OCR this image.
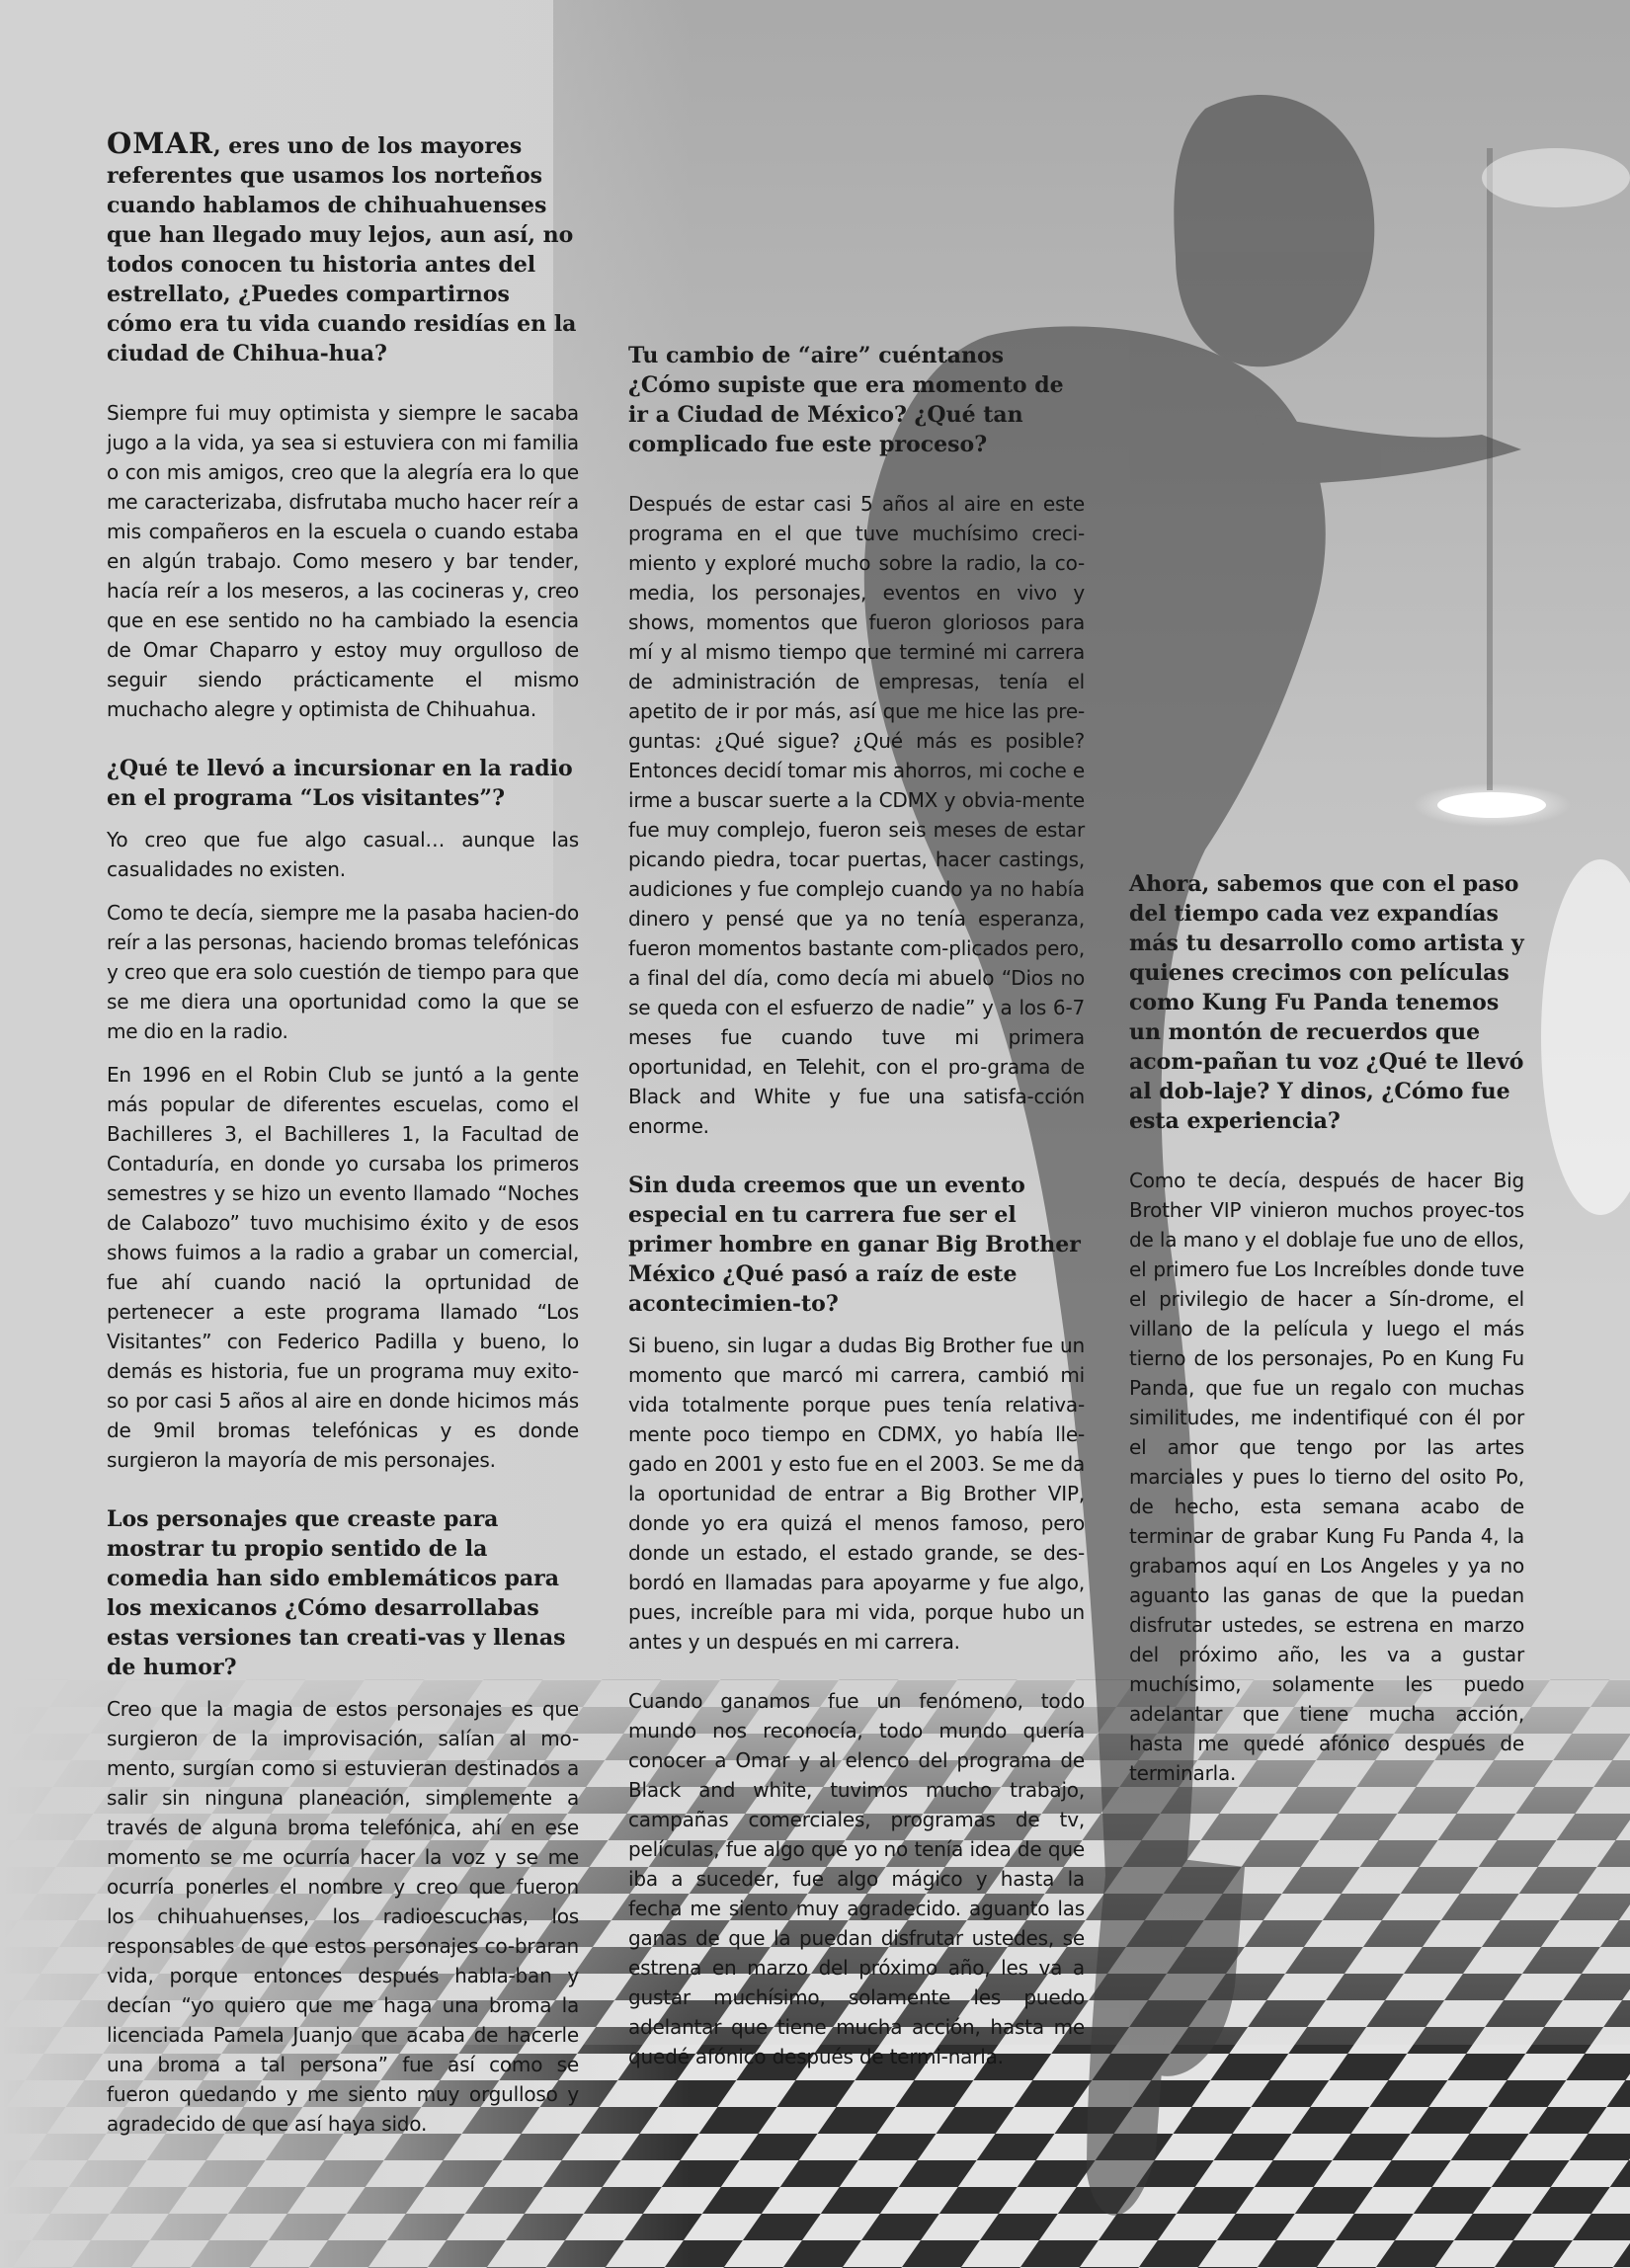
OMAR, eres uno de los mayores referentes que usamos los norteños cuando hablamos de chihuahuenses que han llegado muy lejos, aun así, no todos conocen tu historia antes del estrellato, ¿Puedes compartirnos cómo era tu vida cuando residías en la ciudad de Chihua-hua?

Siempre fui muy optimista y siempre le sacaba jugo a la vida, ya sea si estuviera con mi familia o con mis amigos, creo que la alegría era lo que me caracterizaba, disfrutaba mucho hacer reír a mis compañeros en la escuela o cuando estaba en algún trabajo. Como mesero y bar tender, hacía reír a los meseros, a las cocineras y, creo que en ese sentido no ha cambiado la esencia de Omar Chaparro y estoy muy orgulloso de seguir siendo prácticamente el mismo muchacho alegre y optimista de Chihuahua.

¿Qué te llevó a incursionar en la radio en el programa “Los visitantes”?

Yo creo que fue algo casual… aunque las casualidades no existen.

Como te decía, siempre me la pasaba hacien-do reír a las personas, haciendo bromas telefónicas y creo que era solo cuestión de tiempo para que se me diera una oportunidad como la que se me dio en la radio.

En 1996 en el Robin Club se juntó a la gente más popular de diferentes escuelas, como el Bachilleres 3, el Bachilleres 1, la Facultad de Contaduría, en donde yo cursaba los primeros semestres y se hizo un evento llamado “Noches de Calabozo” tuvo muchisimo éxito y de esos shows fuimos a la radio a grabar un comercial, fue ahí cuando nació la oprtunidad de pertenecer a este programa llamado “Los Visitantes” con Federico Padilla y bueno, lo demás es historia, fue un programa muy exito-so por casi 5 años al aire en donde hicimos más de 9mil bromas telefónicas y es donde surgieron la mayoría de mis personajes.

Los personajes que creaste para mostrar tu propio sentido de la comedia han sido emblemáticos para los mexicanos ¿Cómo desarrollabas estas versiones tan creati-vas y llenas de humor?

Creo que la magia de estos personajes es que surgieron de la improvisación, salían al mo-mento, surgían como si estuvieran destinados a salir sin ninguna planeación, simplemente a través de alguna broma telefónica, ahí en ese momento se me ocurría hacer la voz y se me ocurría ponerles el nombre y creo que fueron los chihuahuenses, los radioescuchas, los responsables de que estos personajes co-braran vida, porque entonces después habla-ban y decían “yo quiero que me haga una broma la licenciada Pamela Juanjo que acaba de hacerle una broma a tal persona” fue así como se fueron quedando y me siento muy orgulloso y agradecido de que así haya sido.

Tu cambio de “aire” cuéntanos ¿Cómo supiste que era momento de ir a Ciudad de México? ¿Qué tan complicado fue este proceso?

Después de estar casi 5 años al aire en este programa en el que tuve muchísimo creci-miento y exploré mucho sobre la radio, la co-media, los personajes, eventos en vivo y shows, momentos que fueron gloriosos para mí y al mismo tiempo que terminé mi carrera de administración de empresas, tenía el apetito de ir por más, así que me hice las pre-guntas: ¿Qué sigue? ¿Qué más es posible? Entonces decidí tomar mis ahorros, mi coche e irme a buscar suerte a la CDMX y obvia-mente fue muy complejo, fueron seis meses de estar picando piedra, tocar puertas, hacer castings, audiciones y fue complejo cuando ya no había dinero y pensé que ya no tenía esperanza, fueron momentos bastante com-plicados pero, a final del día, como decía mi abuelo “Dios no se queda con el esfuerzo de nadie” y a los 6-7 meses fue cuando tuve mi primera oportunidad, en Telehit, con el pro-grama de Black and White y fue una satisfa-cción enorme.

Sin duda creemos que un evento especial en tu carrera fue ser el primer hombre en ganar Big Brother México ¿Qué pasó a raíz de este acontecimien-to?

Si bueno, sin lugar a dudas Big Brother fue un momento que marcó mi carrera, cambió mi vida totalmente porque pues tenía relativa-mente poco tiempo en CDMX, yo había lle-gado en 2001 y esto fue en el 2003. Se me da la oportunidad de entrar a Big Brother VIP, donde yo era quizá el menos famoso, pero donde un estado, el estado grande, se des-bordó en llamadas para apoyarme y fue algo, pues, increíble para mi vida, porque hubo un antes y un después en mi carrera.

Cuando ganamos fue un fenómeno, todo mundo nos reconocía, todo mundo quería conocer a Omar y al elenco del programa de Black and white, tuvimos mucho trabajo, campañas comerciales, programas de tv, películas, fue algo que yo no tenía idea de que iba a suceder, fue algo mágico y hasta la fecha me siento muy agradecido. aguanto las ganas de que la puedan disfrutar ustedes, se estrena en marzo del próximo año, les va a gustar muchísimo, solamente les puedo adelantar que tiene mucha acción, hasta me quedé afónico después de termi-narla.

Ahora, sabemos que con el paso del tiempo cada vez expandías más tu desarrollo como artista y quienes crecimos con películas como Kung Fu Panda tenemos un montón de recuerdos que acom-pañan tu voz ¿Qué te llevó al dob-laje? Y dinos, ¿Cómo fue esta experiencia?

Como te decía, después de hacer Big Brother VIP vinieron muchos proyec-tos de la mano y el doblaje fue uno de ellos, el primero fue Los Increíbles donde tuve el privilegio de hacer a Sín-drome, el villano de la película y luego el más tierno de los personajes, Po en Kung Fu Panda, que fue un regalo con muchas similitudes, me indentifiqué con él por el amor que tengo por las artes marciales y pues lo tierno del osito Po, de hecho, esta semana acabo de terminar de grabar Kung Fu Panda 4, la grabamos aquí en Los Angeles y ya no aguanto las ganas de que la puedan disfrutar ustedes, se estrena en marzo del próximo año, les va a gustar muchísimo, solamente les puedo adelantar que tiene mucha acción, hasta me quedé afónico después de terminarla.
